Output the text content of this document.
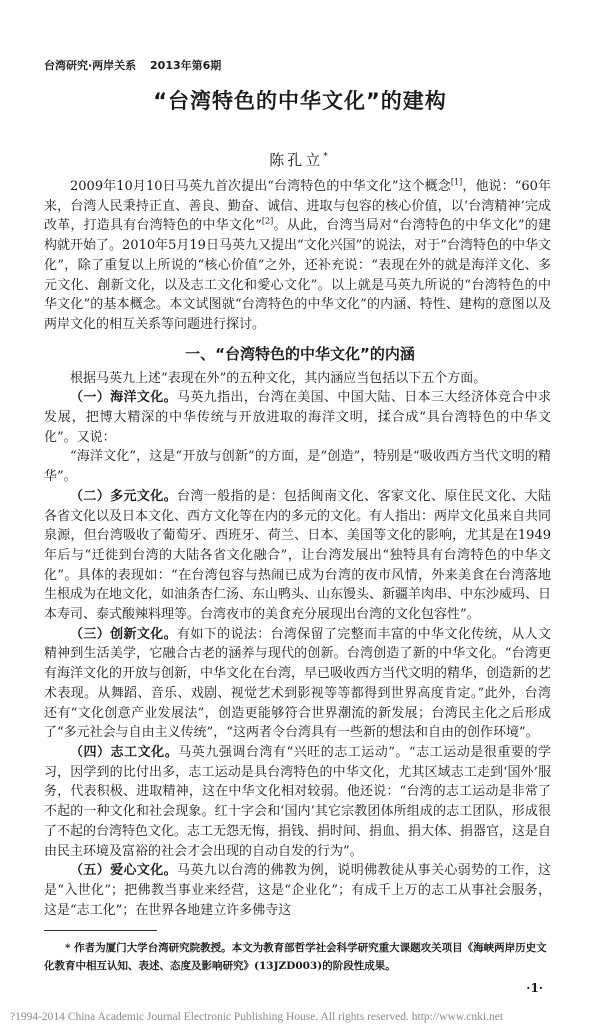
台湾研究·两岸关系 2013年第6期
“台湾特色的中华文化”的建构
陈孔立*

2009年10月10日马英九首次提出“台湾特色的中华文化”这个概念[1]，他说：“60年来，台湾人民秉持正直、善良、勤奋、诚信、进取与包容的核心价值，以‘台湾精神’完成改革，打造具有台湾特色的中华文化”[2]。从此，台湾当局对“台湾特色的中华文化”的建构就开始了。2010年5月19日马英九又提出“文化兴国”的说法，对于“台湾特色的中华文化”，除了重复以上所说的“核心价值”之外，还补充说：“表现在外的就是海洋文化、多元文化、創新文化，以及志工文化和愛心文化”。以上就是马英九所说的“台湾特色的中华文化”的基本概念。本文试图就“台湾特色的中华文化”的内涵、特性、建构的意图以及两岸文化的相互关系等问题进行探讨。

一、“台湾特色的中华文化”的内涵

根据马英九上述“表现在外”的五种文化，其内涵应当包括以下五个方面。

（一）海洋文化。马英九指出，台湾在美国、中国大陆、日本三大经济体竞合中求发展，把博大精深的中华传统与开放进取的海洋文明，揉合成“具台湾特色的中华文化”。又说：

“海洋文化”，这是“开放与创新”的方面，是“创造”，特别是“吸收西方当代文明的精华”。

（二）多元文化。台湾一般指的是：包括闽南文化、客家文化、原住民文化、大陆各省文化以及日本文化、西方文化等在内的多元的文化。有人指出：两岸文化虽来自共同泉源，但台湾吸收了葡萄牙、西班牙、荷兰、日本、美国等文化的影响，尤其是在1949年后与“迁徙到台湾的大陆各省文化融合”，让台湾发展出“独特具有台湾特色的中华文化”。具体的表现如：“在台湾包容与热闹已成为台湾的夜市风情，外来美食在台湾落地生根成为在地文化，如油条杏仁汤、东山鸭头、山东馒头、新疆羊肉串、中东沙威玛、日本寿司、泰式酸辣料理等。台湾夜市的美食充分展现出台湾的文化包容性”。

（三）创新文化。有如下的说法：台湾保留了完整而丰富的中华文化传统，从人文精神到生活美学，它融合古老的涵养与现代的创新。台湾创造了新的中华文化。“台湾更有海洋文化的开放与创新，中华文化在台湾，早已吸收西方当代文明的精华，创造新的艺术表现。从舞蹈、音乐、戏剧、视觉艺术到影视等等都得到世界高度肯定。”此外，台湾还有“文化创意产业发展法”，创造更能够符合世界潮流的新发展；台湾民主化之后形成了“多元社会与自由主义传统”，“这两者令台湾具有一些新的想法和自由的创作环境”。

（四）志工文化。马英九强调台湾有“兴旺的志工运动”。“志工运动是很重要的学习，因学到的比付出多，志工运动是具台湾特色的中华文化，尤其区域志工走到‘国外’服务，代表积极、进取精神，这在中华文化相对较弱。他还说：“台湾的志工运动是非常了不起的一种文化和社会现象。红十字会和‘国内’其它宗教团体所组成的志工团队，形成很了不起的台湾特色文化。志工无怨无悔，捐钱、捐时间、捐血、捐大体、捐器官，这是自由民主环境及富裕的社会才会出现的自动自发的行为”。

（五）爱心文化。马英九以台湾的佛教为例，说明佛教徒从事关心弱势的工作，这是“入世化”；把佛教当事业来经营，这是“企业化”；有成千上万的志工从事社会服务，这是“志工化”；在世界各地建立许多佛寺这

* 作者为厦门大学台湾研究院教授。本文为教育部哲学社会科学研究重大课题攻关项目《海峡两岸历史文化教育中相互认知、表述、态度及影响研究》(13JZD003)的阶段性成果。
·1·
?1994-2014 China Academic Journal Electronic Publishing House. All rights reserved. http://www.cnki.net
